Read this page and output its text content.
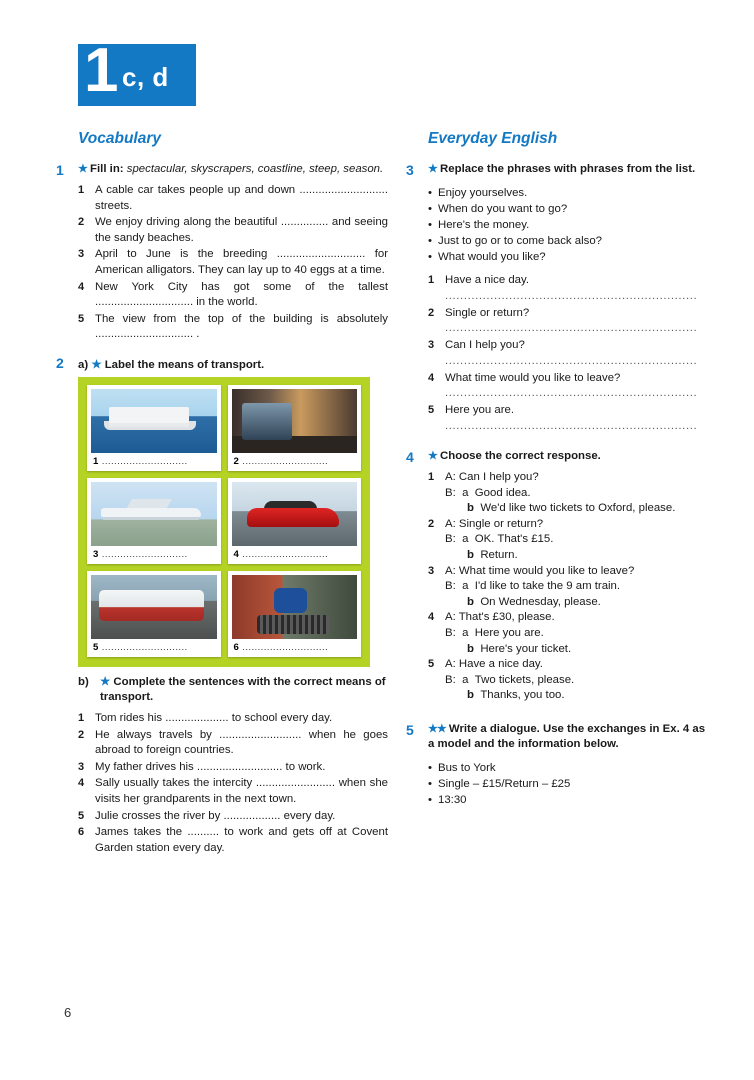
1 c, d
Vocabulary
1 ★ Fill in: spectacular, skyscrapers, coastline, steep, season.
1 A cable car takes people up and down ............................ streets.
2 We enjoy driving along the beautiful ............... and seeing the sandy beaches.
3 April to June is the breeding ............................ for American alligators. They can lay up to 40 eggs at a time.
4 New York City has got some of the tallest ............................... in the world.
5 The view from the top of the building is absolutely ............................... .
2 a) ★ Label the means of transport.
1 ............................	2 ............................
3 ............................	4 ............................
5 ............................	6 ............................
b) ★ Complete the sentences with the correct means of transport.
1 Tom rides his .................... to school every day.
2 He always travels by .......................... when he goes abroad to foreign countries.
3 My father drives his ........................... to work.
4 Sally usually takes the intercity ......................... when she visits her grandparents in the next town.
5 Julie crosses the river by .................. every day.
6 James takes the .......... to work and gets off at Covent Garden station every day.
Everyday English
3 ★ Replace the phrases with phrases from the list.
• Enjoy yourselves.
• When do you want to go?
• Here's the money.
• Just to go or to come back also?
• What would you like?
1 Have a nice day.
...................................................................
2 Single or return?
...................................................................
3 Can I help you?
...................................................................
4 What time would you like to leave?
...................................................................
5 Here you are.
...................................................................
4 ★ Choose the correct response.
1 A: Can I help you?
B: a Good idea.
b We'd like two tickets to Oxford, please.
2 A: Single or return?
B: a OK. That's £15.
b Return.
3 A: What time would you like to leave?
B: a I'd like to take the 9 am train.
b On Wednesday, please.
4 A: That's £30, please.
B: a Here you are.
b Here's your ticket.
5 A: Have a nice day.
B: a Two tickets, please.
b Thanks, you too.
5 ★★ Write a dialogue. Use the exchanges in Ex. 4 as a model and the information below.
• Bus to York
• Single – £15/Return – £25
• 13:30
6
